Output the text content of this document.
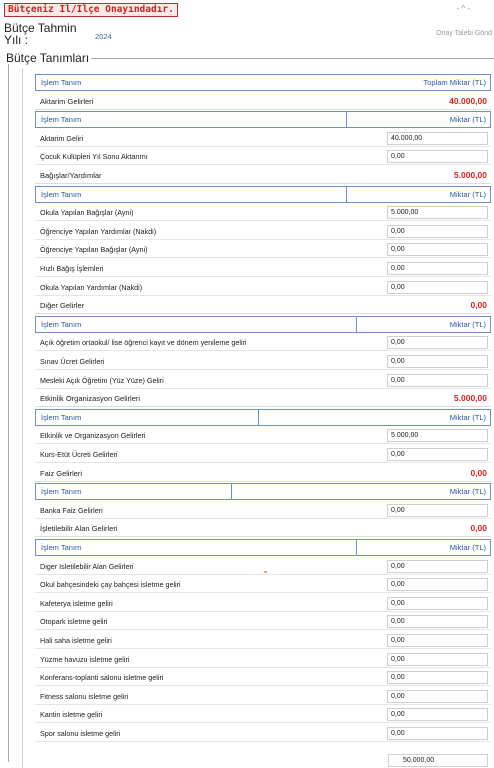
Bütçeniz İl/İlçe Onayındadır.	- ^ -
Bütçe Tahmin
Yılı :	2024	Onay Talebi Gönd
Bütçe Tanımları
İşlem Tanım	Toplam Miktar (TL)
Aktarim Gelirleri	40.000,00
İşlem Tanım	Miktar (TL)
Aktarim Geliri	40.000,00
Çocuk Kulüpleri Yıl Sonu Aktarımı	0,00
Bağışlar/Yardımlar	5.000,00
İşlem Tanım	Miktar (TL)
Okula Yapılan Bağışlar (Ayni)	5.000,00
Öğrenciye Yapılan Yardımlar (Nakdi)	0,00
Öğrenciye Yapılan Bağışlar (Ayni)	0,00
Hızlı Bağış İşlemleri	0,00
Okula Yapılan Yardımlar (Nakdi)	0,00
Diğer Gelirler	0,00
İşlem Tanım	Miktar (TL)
Açık öğretim ortaokul/ lise öğrenci kayıt ve dönem yenileme geliri	0,00
Sınav Ücret Gelirleri	0,00
Mesleki Açık Öğretim (Yüz Yüze) Geliri	0,00
Etkinlik Organizasyon Gelirleri	5.000,00
İşlem Tanım	Miktar (TL)
Etkinlik ve Organizasyon Gelirleri	5.000,00
Kurs-Etüt Ücreti Gelirleri	0,00
Faiz Gelirleri	0,00
İşlem Tanım	Miktar (TL)
Banka Faiz Gelirleri	0,00
İşletilebilir Alan Gelirleri	0,00
İşlem Tanım	Miktar (TL)
Diger Isletilebilir Alan Gelirleri	0,00
Okul bahçesindeki çay bahçesi isletme geliri	0,00
Kafeterya isletme geliri	0,00
Otopark isletme geliri	0,00
Hali saha isletme geliri	0,00
Yüzme havuzu isletme geliri	0,00
Konferans-toplanti salonu isletme geliri	0,00
Fitness salonu isletme geliri	0,00
Kantin isletme geliri	0,00
Spor salonu isletme geliri	0,00
50.000,00
